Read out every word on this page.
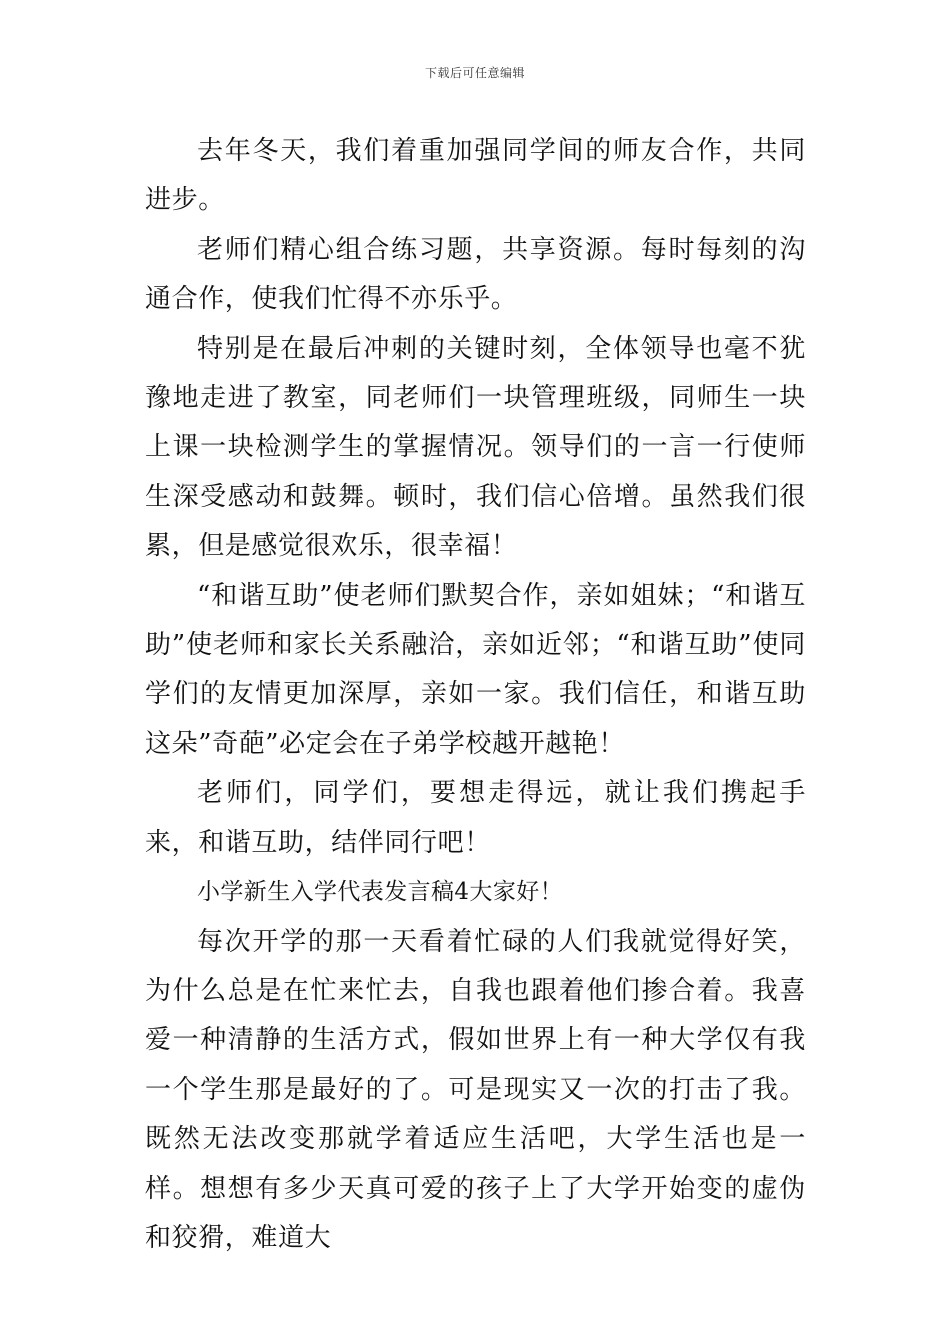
下载后可任意编辑

去年冬天，我们着重加强同学间的师友合作，共同进步。

老师们精心组合练习题，共享资源。每时每刻的沟通合作，使我们忙得不亦乐乎。

特别是在最后冲刺的关键时刻，全体领导也毫不犹豫地走进了教室，同老师们一块管理班级，同师生一块上课一块检测学生的掌握情况。领导们的一言一行使师生深受感动和鼓舞。顿时，我们信心倍增。虽然我们很累，但是感觉很欢乐，很幸福！

“和谐互助”使老师们默契合作，亲如姐妹；“和谐互助”使老师和家长关系融洽，亲如近邻；“和谐互助”使同学们的友情更加深厚，亲如一家。我们信任，和谐互助这朵”奇葩”必定会在子弟学校越开越艳！

老师们，同学们，要想走得远，就让我们携起手来，和谐互助，结伴同行吧！

小学新生入学代表发言稿4大家好！

每次开学的那一天看着忙碌的人们我就觉得好笑，为什么总是在忙来忙去，自我也跟着他们掺合着。我喜爱一种清静的生活方式，假如世界上有一种大学仅有我一个学生那是最好的了。可是现实又一次的打击了我。既然无法改变那就学着适应生活吧，大学生活也是一样。想想有多少天真可爱的孩子上了大学开始变的虚伪和狡猾，难道大
